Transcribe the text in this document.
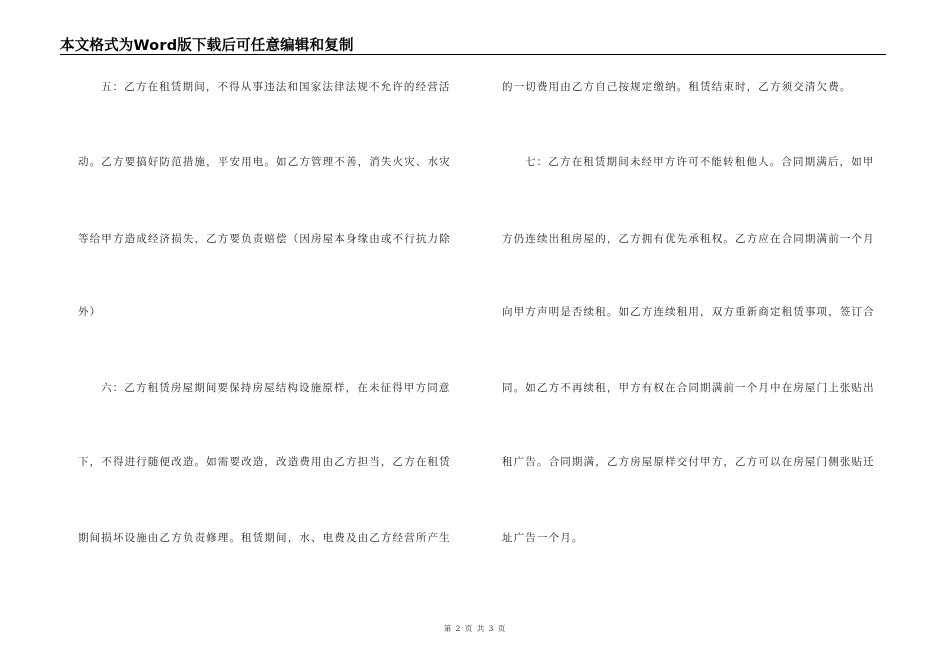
本文格式为Word版下载后可任意编辑和复制
五：乙方在租赁期间，不得从事违法和国家法律法规不允许的经营活
动。乙方要搞好防范措施，平安用电。如乙方管理不善，消失火灾、水灾
等给甲方造成经济损失，乙方要负责赔偿（因房屋本身缘由或不行抗力除
外）
六：乙方租赁房屋期间要保持房屋结构设施原样，在未征得甲方同意
下，不得进行随便改造。如需要改造，改造费用由乙方担当，乙方在租赁
期间损坏设施由乙方负责修理。租赁期间，水、电费及由乙方经营所产生
的一切费用由乙方自己按规定缴纳。租赁结束时，乙方须交清欠费。
七：乙方在租赁期间未经甲方许可不能转租他人。合同期满后，如甲
方仍连续出租房屋的，乙方拥有优先承租权。乙方应在合同期满前一个月
向甲方声明是否续租。如乙方连续租用，双方重新商定租赁事项，签订合
同。如乙方不再续租，甲方有权在合同期满前一个月中在房屋门上张贴出
租广告。合同期满，乙方房屋原样交付甲方，乙方可以在房屋门侧张贴迁
址广告一个月。
第 2 页 共 3 页
